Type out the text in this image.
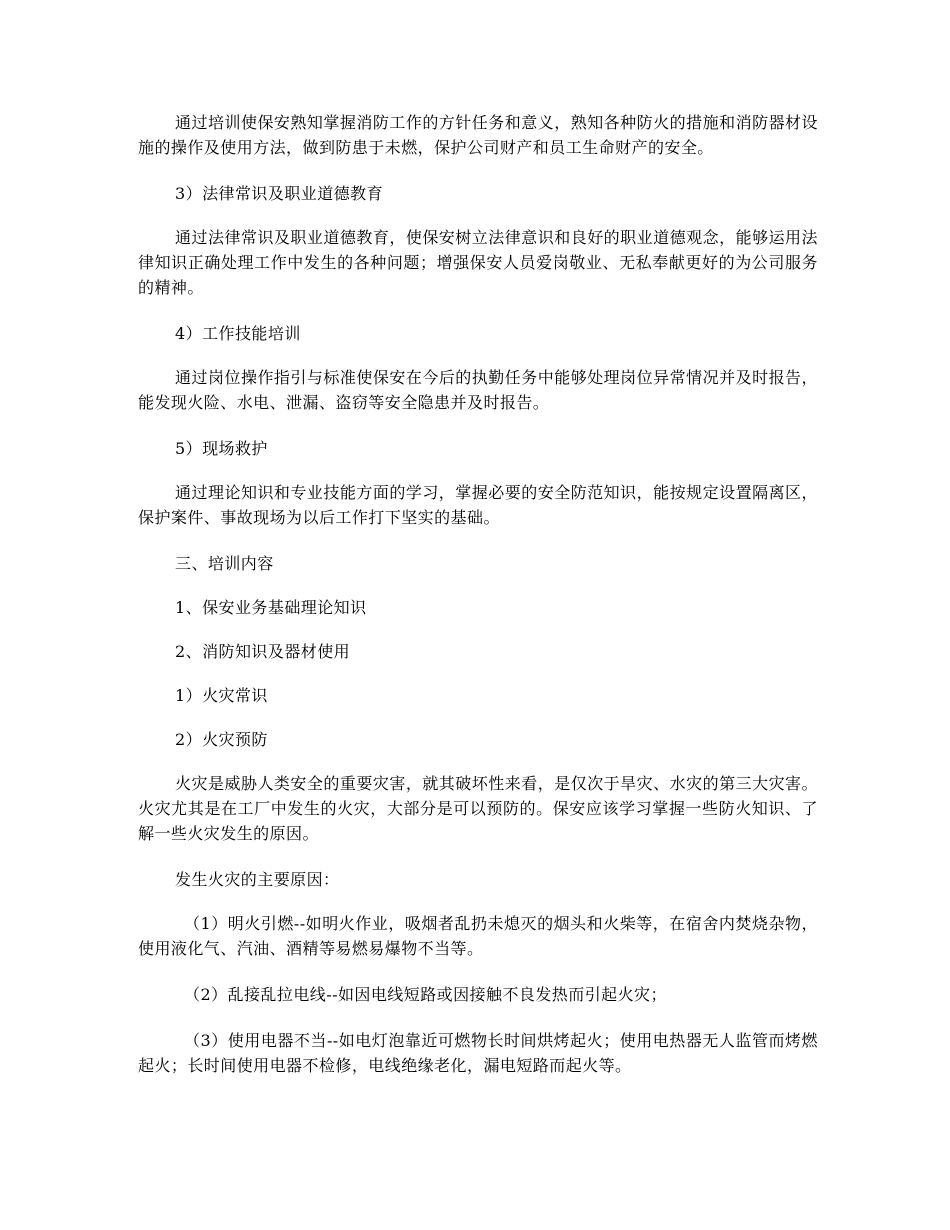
通过培训使保安熟知掌握消防工作的方针任务和意义，熟知各种防火的措施和消防器材设施的操作及使用方法，做到防患于未燃，保护公司财产和员工生命财产的安全。

3）法律常识及职业道德教育

通过法律常识及职业道德教育，使保安树立法律意识和良好的职业道德观念，能够运用法律知识正确处理工作中发生的各种问题；增强保安人员爱岗敬业、无私奉献更好的为公司服务的精神。

4）工作技能培训

通过岗位操作指引与标准使保安在今后的执勤任务中能够处理岗位异常情况并及时报告，能发现火险、水电、泄漏、盗窃等安全隐患并及时报告。

5）现场救护

通过理论知识和专业技能方面的学习，掌握必要的安全防范知识，能按规定设置隔离区，保护案件、事故现场为以后工作打下坚实的基础。

三、培训内容

1、保安业务基础理论知识

2、消防知识及器材使用

1）火灾常识

2）火灾预防

火灾是威胁人类安全的重要灾害，就其破坏性来看，是仅次于旱灾、水灾的第三大灾害。火灾尤其是在工厂中发生的火灾，大部分是可以预防的。保安应该学习掌握一些防火知识、了解一些火灾发生的原因。

发生火灾的主要原因：

（1）明火引燃--如明火作业，吸烟者乱扔未熄灭的烟头和火柴等，在宿舍内焚烧杂物，使用液化气、汽油、酒精等易燃易爆物不当等。

（2）乱接乱拉电线--如因电线短路或因接触不良发热而引起火灾；

（3）使用电器不当--如电灯泡靠近可燃物长时间烘烤起火；使用电热器无人监管而烤燃起火；长时间使用电器不检修，电线绝缘老化，漏电短路而起火等。
